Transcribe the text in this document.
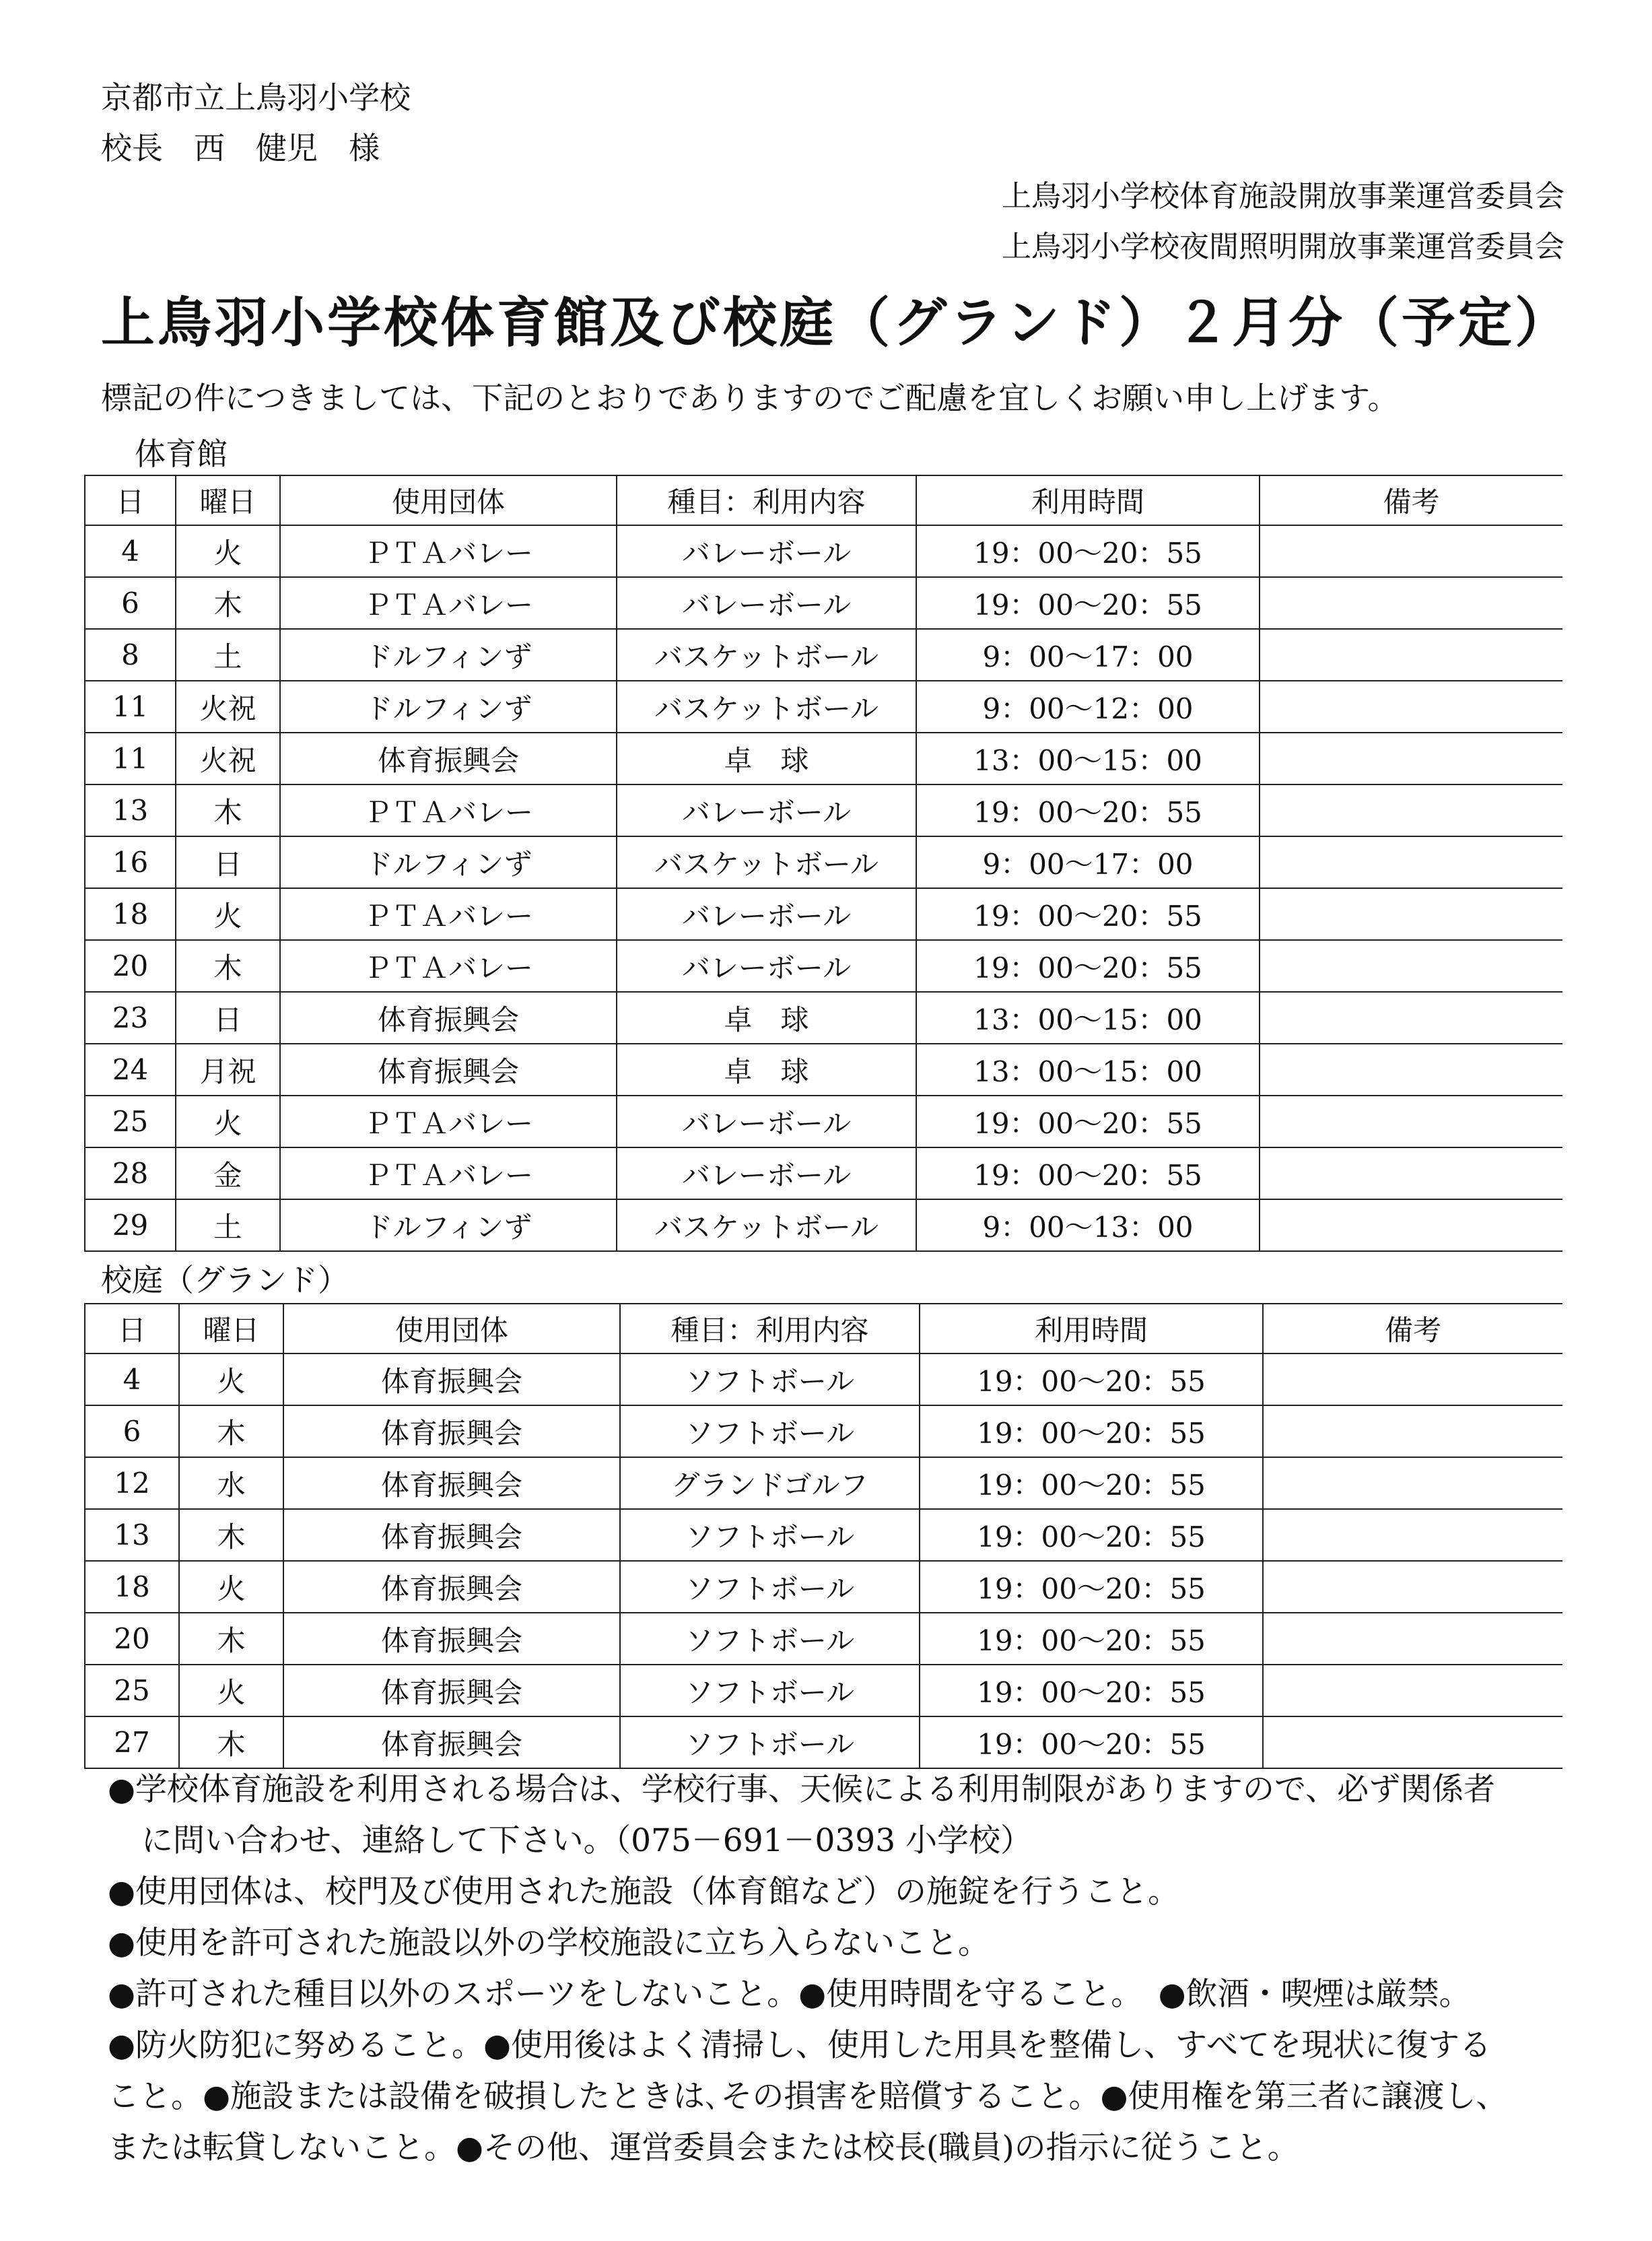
京都市立上鳥羽小学校
校長　西　健児　様
上鳥羽小学校体育施設開放事業運営委員会
上鳥羽小学校夜間照明開放事業運営委員会
上鳥羽小学校体育館及び校庭（グランド）２月分（予定）
標記の件につきましては、下記のとおりでありますのでご配慮を宜しくお願い申し上げます。
体育館
日	曜日	使用団体	種目：利用内容	利用時間	備考
4	火	ＰＴＡバレー	バレーボール	19：00～20：55	
6	木	ＰＴＡバレー	バレーボール	19：00～20：55	
8	土	ドルフィンず	バスケットボール	9：00～17：00	
11	火祝	ドルフィンず	バスケットボール	9：00～12：00	
11	火祝	体育振興会	卓　球	13：00～15：00	
13	木	ＰＴＡバレー	バレーボール	19：00～20：55	
16	日	ドルフィンず	バスケットボール	9：00～17：00	
18	火	ＰＴＡバレー	バレーボール	19：00～20：55	
20	木	ＰＴＡバレー	バレーボール	19：00～20：55	
23	日	体育振興会	卓　球	13：00～15：00	
24	月祝	体育振興会	卓　球	13：00～15：00	
25	火	ＰＴＡバレー	バレーボール	19：00～20：55	
28	金	ＰＴＡバレー	バレーボール	19：00～20：55	
29	土	ドルフィンず	バスケットボール	9：00～13：00	
校庭（グランド）
日	曜日	使用団体	種目：利用内容	利用時間	備考
4	火	体育振興会	ソフトボール	19：00～20：55	
6	木	体育振興会	ソフトボール	19：00～20：55	
12	水	体育振興会	グランドゴルフ	19：00～20：55	
13	木	体育振興会	ソフトボール	19：00～20：55	
18	火	体育振興会	ソフトボール	19：00～20：55	
20	木	体育振興会	ソフトボール	19：00～20：55	
25	火	体育振興会	ソフトボール	19：00～20：55	
27	木	体育振興会	ソフトボール	19：00～20：55	

●学校体育施設を利用される場合は、学校行事、天候による利用制限がありますので、必ず関係者

に問い合わせ、連絡して下さい。（075－691－0393 小学校）

●使用団体は、校門及び使用された施設（体育館など）の施錠を行うこと。

●使用を許可された施設以外の学校施設に立ち入らないこと。

●許可された種目以外のスポーツをしないこと。●使用時間を守ること。　●飲酒・喫煙は厳禁。

●防火防犯に努めること。●使用後はよく清掃し、使用した用具を整備し、すべてを現状に復する

こと。●施設または設備を破損したときは､その損害を賠償すること。●使用権を第三者に譲渡し、

または転貸しないこと。●その他、運営委員会または校長(職員)の指示に従うこと。
